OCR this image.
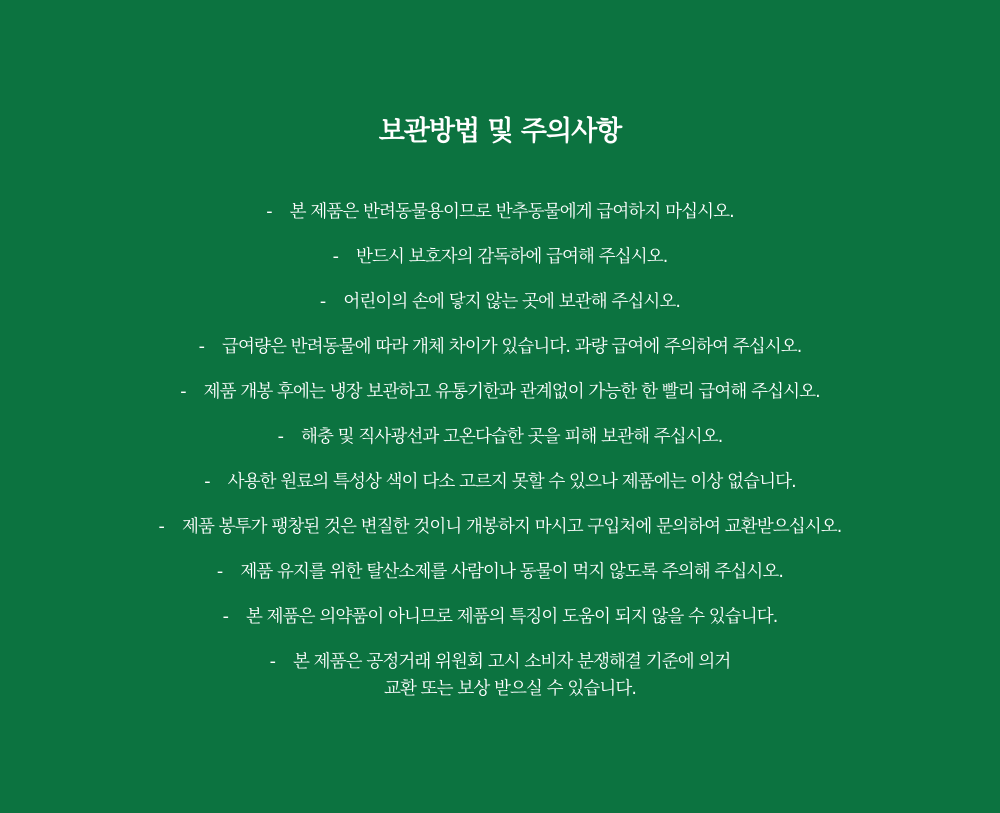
보관방법 및 주의사항
- 본 제품은 반려동물용이므로 반추동물에게 급여하지 마십시오.
- 반드시 보호자의 감독하에 급여해 주십시오.
- 어린이의 손에 닿지 않는 곳에 보관해 주십시오.
- 급여량은 반려동물에 따라 개체 차이가 있습니다. 과량 급여에 주의하여 주십시오.
- 제품 개봉 후에는 냉장 보관하고 유통기한과 관계없이 가능한 한 빨리 급여해 주십시오.
- 해충 및 직사광선과 고온다습한 곳을 피해 보관해 주십시오.
- 사용한 원료의 특성상 색이 다소 고르지 못할 수 있으나 제품에는 이상 없습니다.
- 제품 봉투가 팽창된 것은 변질한 것이니 개봉하지 마시고 구입처에 문의하여 교환받으십시오.
- 제품 유지를 위한 탈산소제를 사람이나 동물이 먹지 않도록 주의해 주십시오.
- 본 제품은 의약품이 아니므로 제품의 특징이 도움이 되지 않을 수 있습니다.
- 본 제품은 공정거래 위원회 고시 소비자 분쟁해결 기준에 의거
교환 또는 보상 받으실 수 있습니다.
